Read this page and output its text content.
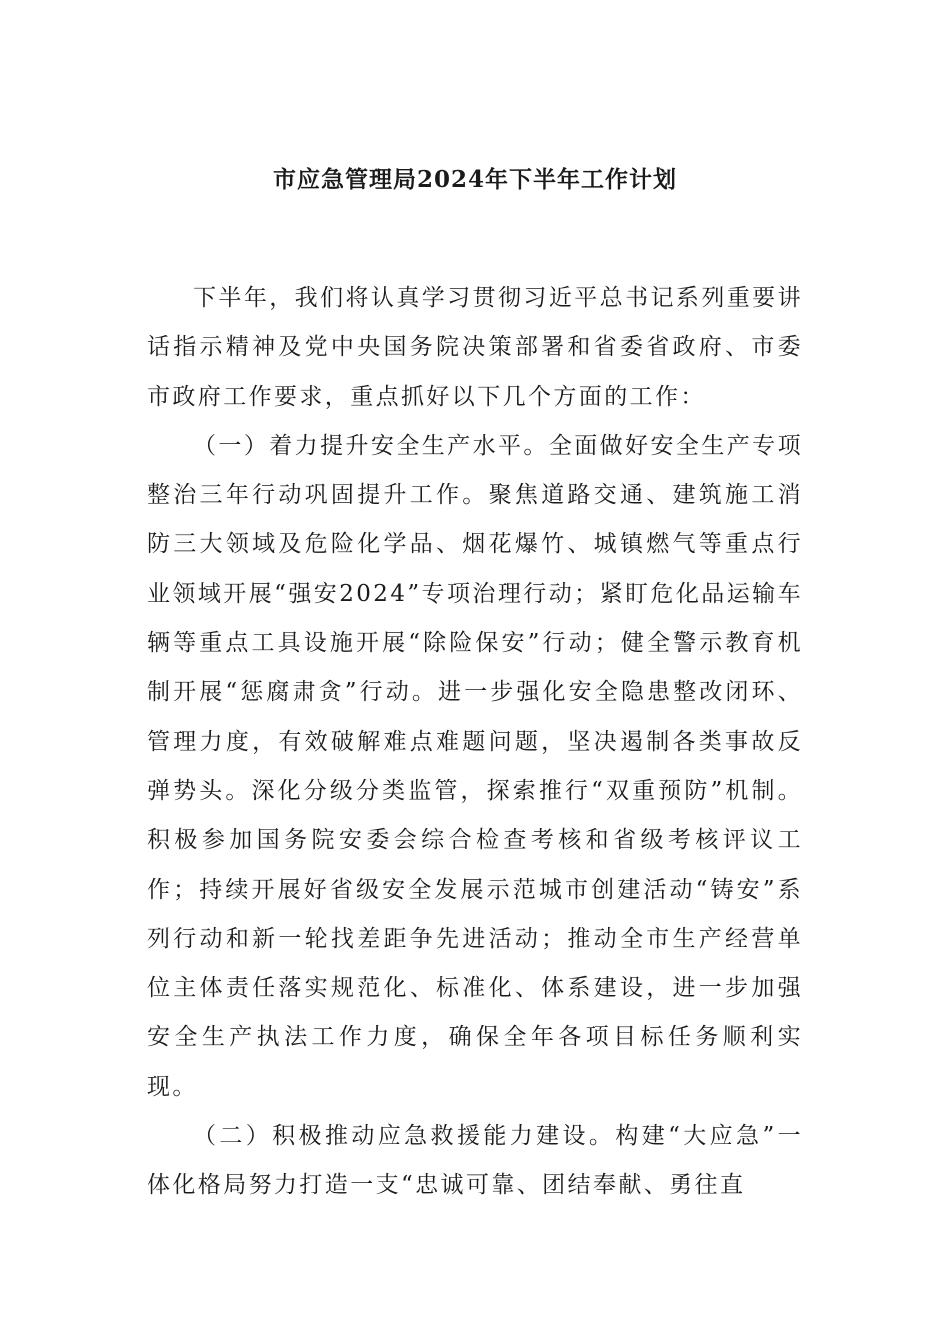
市应急管理局2024年下半年工作计划

下半年，我们将认真学习贯彻习近平总书记系列重要讲话指示精神及党中央国务院决策部署和省委省政府、市委市政府工作要求，重点抓好以下几个方面的工作：

（一）着力提升安全生产水平。全面做好安全生产专项整治三年行动巩固提升工作。聚焦道路交通、建筑施工消防三大领域及危险化学品、烟花爆竹、城镇燃气等重点行业领域开展“强安2024”专项治理行动；紧盯危化品运输车辆等重点工具设施开展“除险保安”行动；健全警示教育机制开展“惩腐肃贪”行动。进一步强化安全隐患整改闭环、管理力度，有效破解难点难题问题，坚决遏制各类事故反弹势头。深化分级分类监管，探索推行“双重预防”机制。积极参加国务院安委会综合检查考核和省级考核评议工作；持续开展好省级安全发展示范城市创建活动“铸安”系列行动和新一轮找差距争先进活动；推动全市生产经营单位主体责任落实规范化、标准化、体系建设，进一步加强安全生产执法工作力度，确保全年各项目标任务顺利实现。

（二）积极推动应急救援能力建设。构建“大应急”一体化格局努力打造一支“忠诚可靠、团结奉献、勇往直
